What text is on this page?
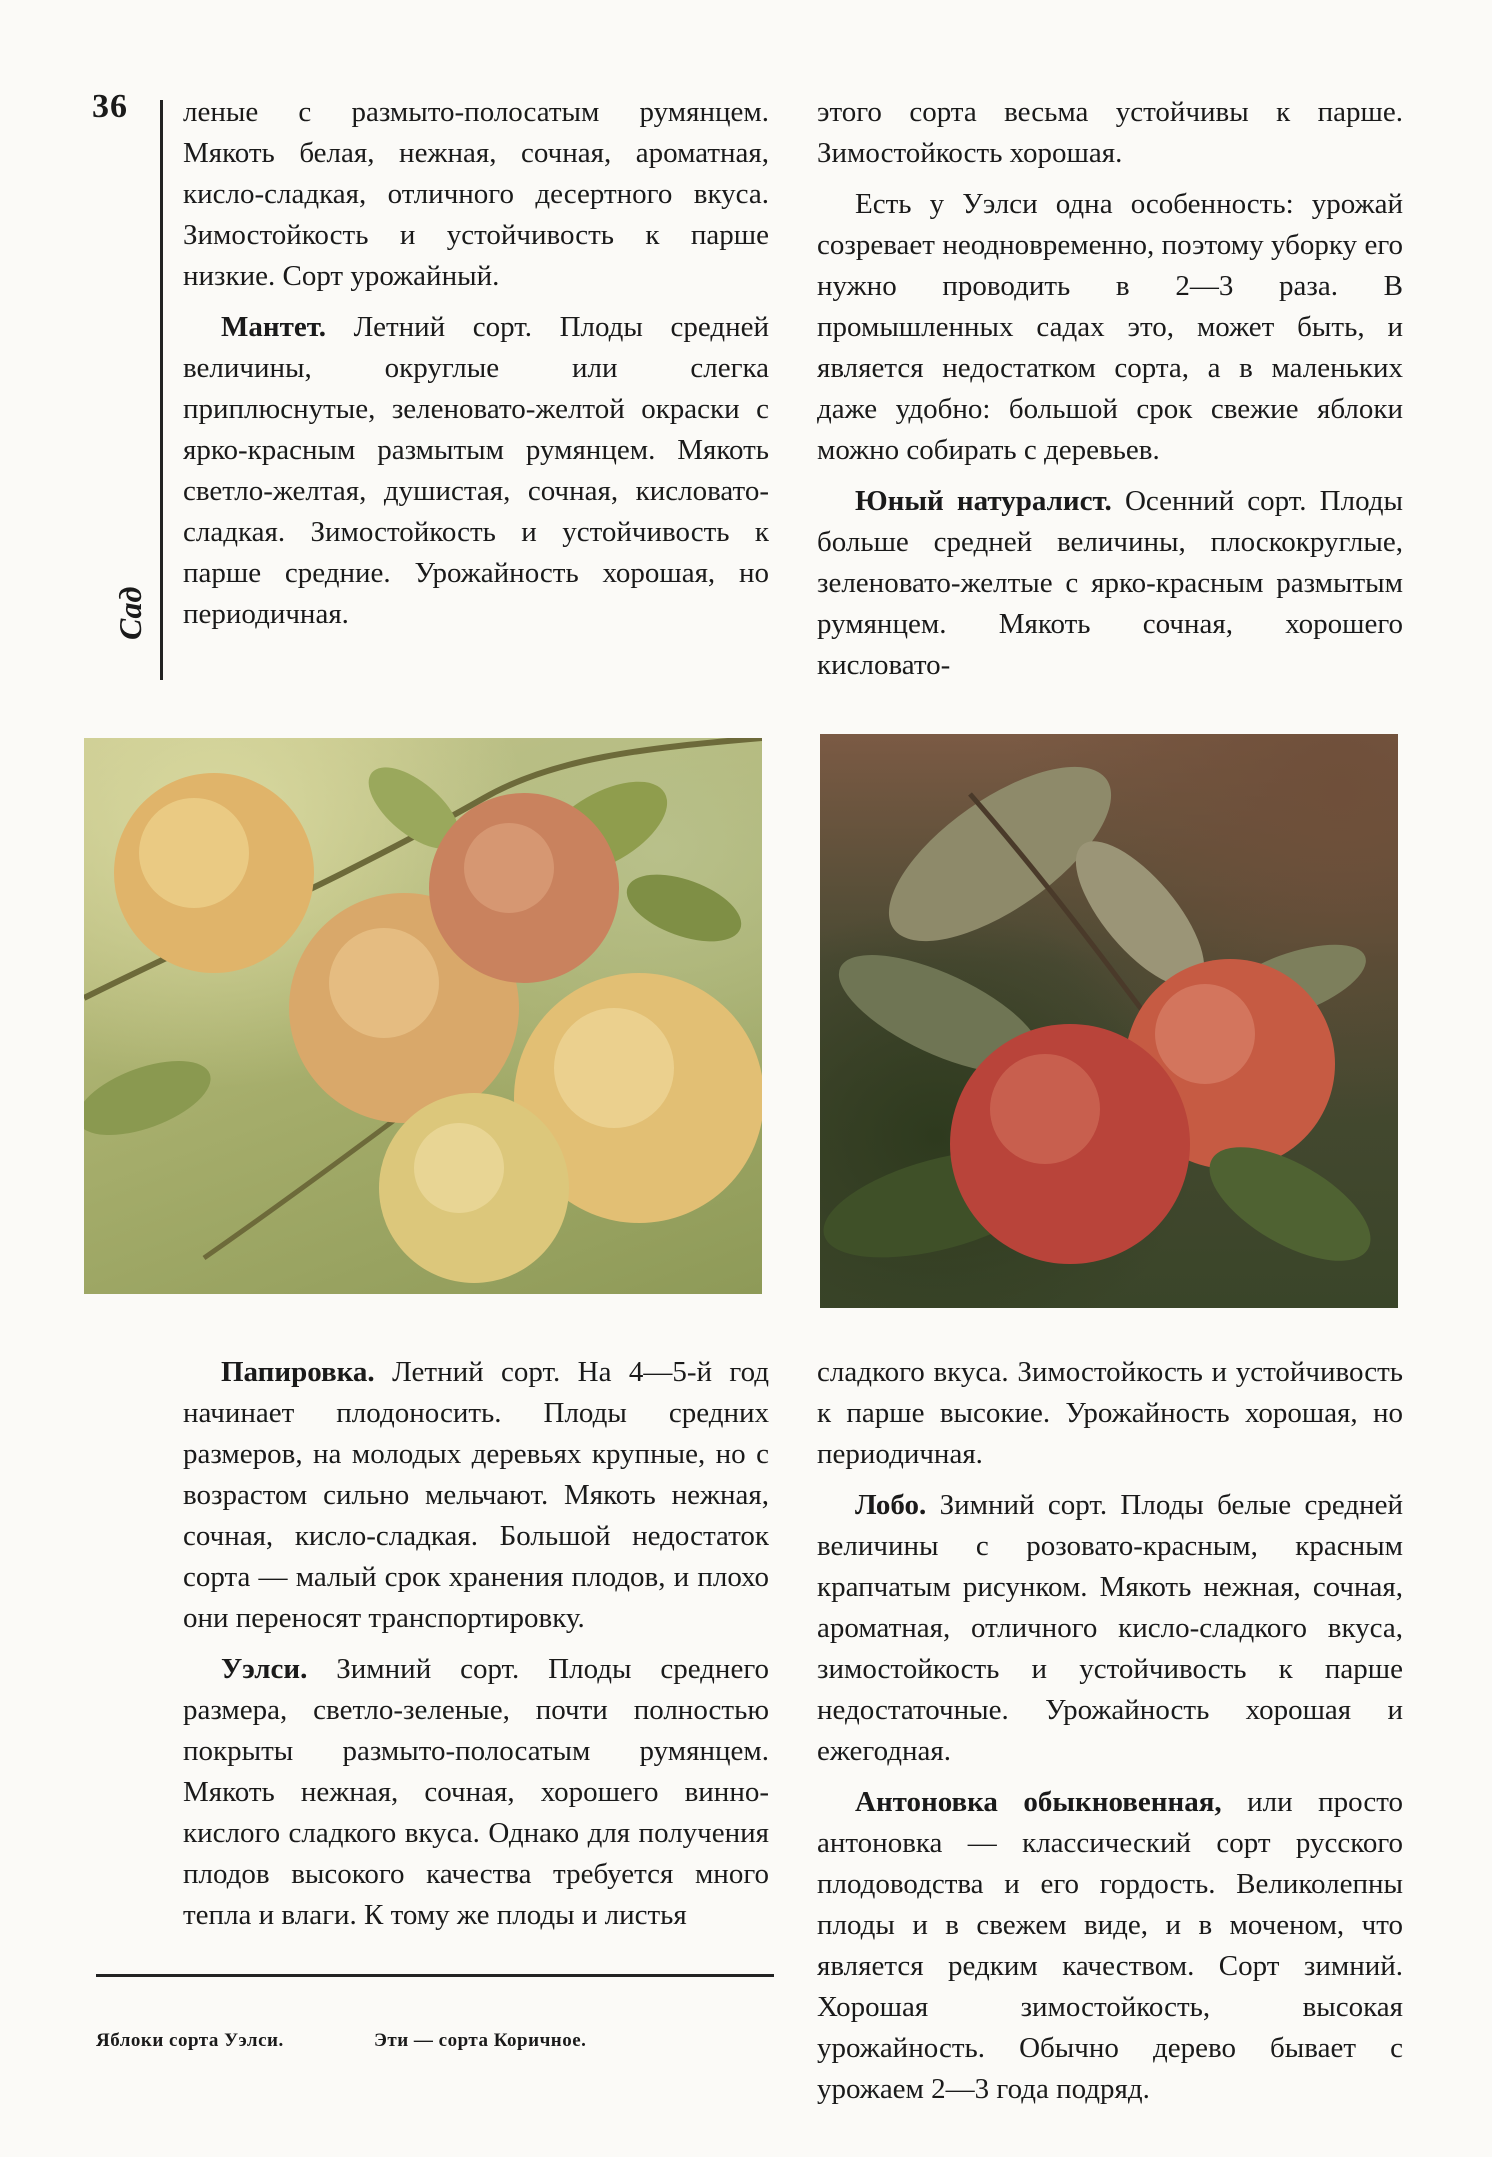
36
Сад

леные с размыто-полосатым румянцем. Мякоть белая, нежная, сочная, ароматная, кисло-сладкая, отличного десертного вкуса. Зимостойкость и устойчивость к парше низкие. Сорт урожайный.

Мантет. Летний сорт. Плоды средней величины, округлые или слегка приплюснутые, зеленовато-желтой окраски с ярко-красным размытым румянцем. Мякоть светло-желтая, душистая, сочная, кисловато-сладкая. Зимостойкость и устойчивость к парше средние. Урожайность хорошая, но периодичная.

этого сорта весьма устойчивы к парше. Зимостойкость хорошая.

Есть у Уэлси одна особенность: урожай созревает неодновременно, поэтому уборку его нужно проводить в 2—3 раза. В промышленных садах это, может быть, и является недостатком сорта, а в маленьких даже удобно: большой срок свежие яблоки можно собирать с деревьев.

Юный натуралист. Осенний сорт. Плоды больше средней величины, плоскокруглые, зеленовато-желтые с ярко-красным размытым румянцем. Мякоть сочная, хорошего кисловато-

Папировка. Летний сорт. На 4—5-й год начинает плодоносить. Плоды средних размеров, на молодых деревьях крупные, но с возрастом сильно мельчают. Мякоть нежная, сочная, кисло-сладкая. Большой недостаток сорта — малый срок хранения плодов, и плохо они переносят транспортировку.

Уэлси. Зимний сорт. Плоды среднего размера, светло-зеленые, почти полностью покрыты размыто-полосатым румянцем. Мякоть нежная, сочная, хорошего винно-кислого сладкого вкуса. Однако для получения плодов высокого качества требуется много тепла и влаги. К тому же плоды и листья

сладкого вкуса. Зимостойкость и устойчивость к парше высокие. Урожайность хорошая, но периодичная.

Лобо. Зимний сорт. Плоды белые средней величины с розовато-красным, красным крапчатым рисунком. Мякоть нежная, сочная, ароматная, отличного кисло-сладкого вкуса, зимостойкость и устойчивость к парше недостаточные. Урожайность хорошая и ежегодная.

Антоновка обыкновенная, или просто антоновка — классический сорт русского плодоводства и его гордость. Великолепны плоды и в свежем виде, и в моченом, что является редким качеством. Сорт зимний. Хорошая зимостойкость, высокая урожайность. Обычно дерево бывает с урожаем 2—3 года подряд.

Яблоки сорта Уэлси.	Эти — сорта Коричное.
